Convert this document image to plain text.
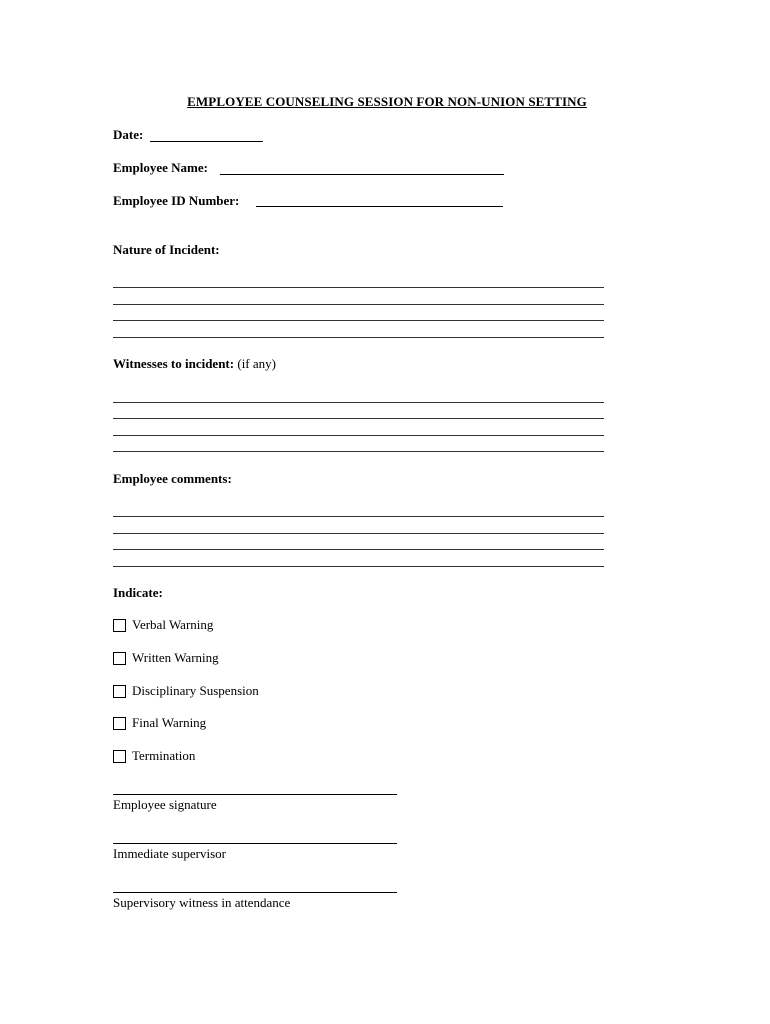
EMPLOYEE COUNSELING SESSION FOR NON-UNION SETTING
Date:
Employee Name:
Employee ID Number:
Nature of Incident:
Witnesses to incident: (if any)
Employee comments:
Indicate:
Verbal Warning
Written Warning
Disciplinary Suspension
Final Warning
Termination
Employee signature
Immediate supervisor
Supervisory witness in attendance
